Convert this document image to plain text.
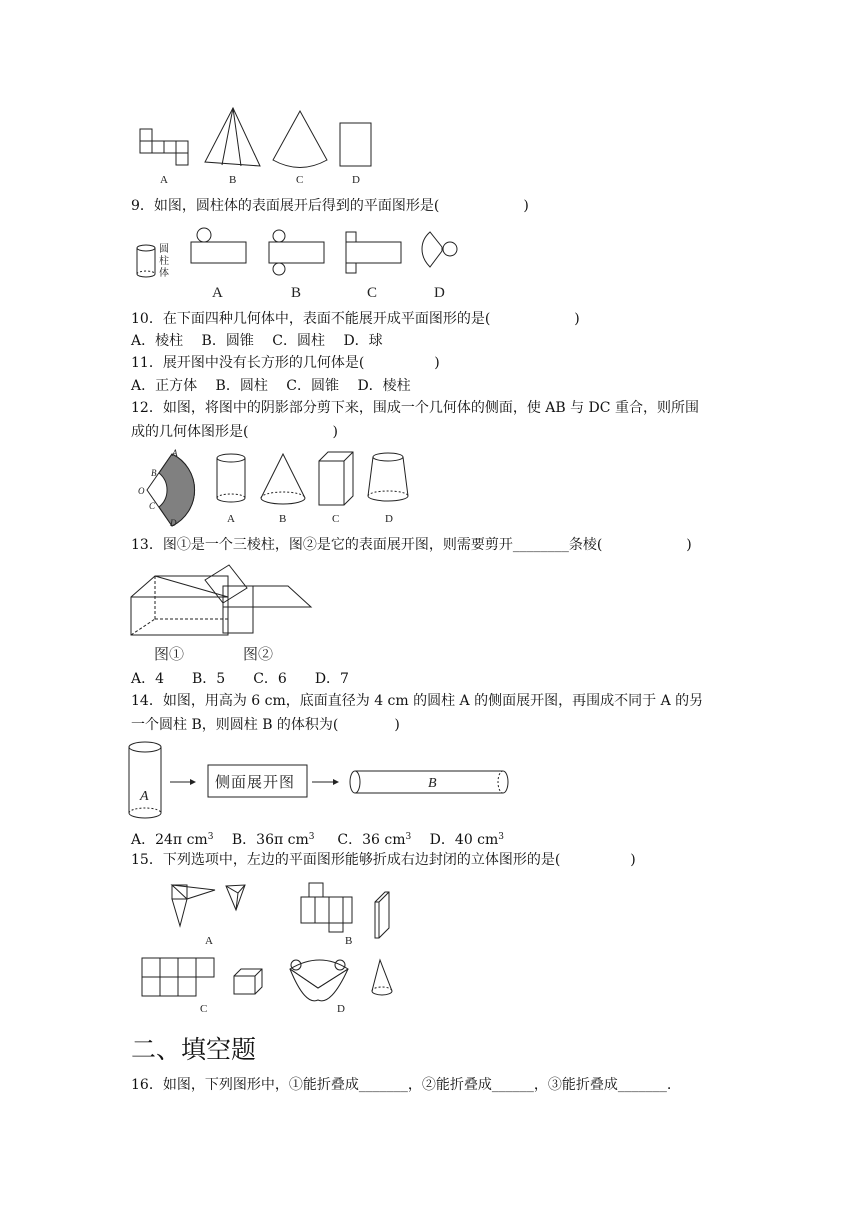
A	B	C	D
9．如图，圆柱体的表面展开后得到的平面图形是(　　　　　　)
圆
柱
体
A	B	C	D
10．在下面四种几何体中，表面不能展开成平面图形的是(　　　　　　)
A．棱柱　 B．圆锥　 C．圆柱　 D．球
11．展开图中没有长方形的几何体是(　　　　　)
A．正方体　 B．圆柱　 C．圆锥　 D．棱柱
12．如图，将图中的阴影部分剪下来，围成一个几何体的侧面，使 AB 与 DC 重合，则所围
成的几何体图形是(　　　　　　)
A
B
O
C
D	A	B	C	D
13．图①是一个三棱柱，图②是它的表面展开图，则需要剪开________条棱(　　　　　　)
图①	图②
A．4　　B．5　　C．6　　D．7
14．如图，用高为 6 cm，底面直径为 4 cm 的圆柱 A 的侧面展开图，再围成不同于 A 的另
一个圆柱 B，则圆柱 B 的体积为(　　　　)
A
侧面展开图	B
A．24π $cm^3$ 　B．36π $cm^3$ 　 C．36 $cm^3$ 　D．40 $cm^3$
15．下列选项中，左边的平面图形能够折成右边封闭的立体图形的是(　　　　　)
A	B
C	D
二、填空题
16．如图，下列图形中，①能折叠成_______，②能折叠成______，③能折叠成_______.
